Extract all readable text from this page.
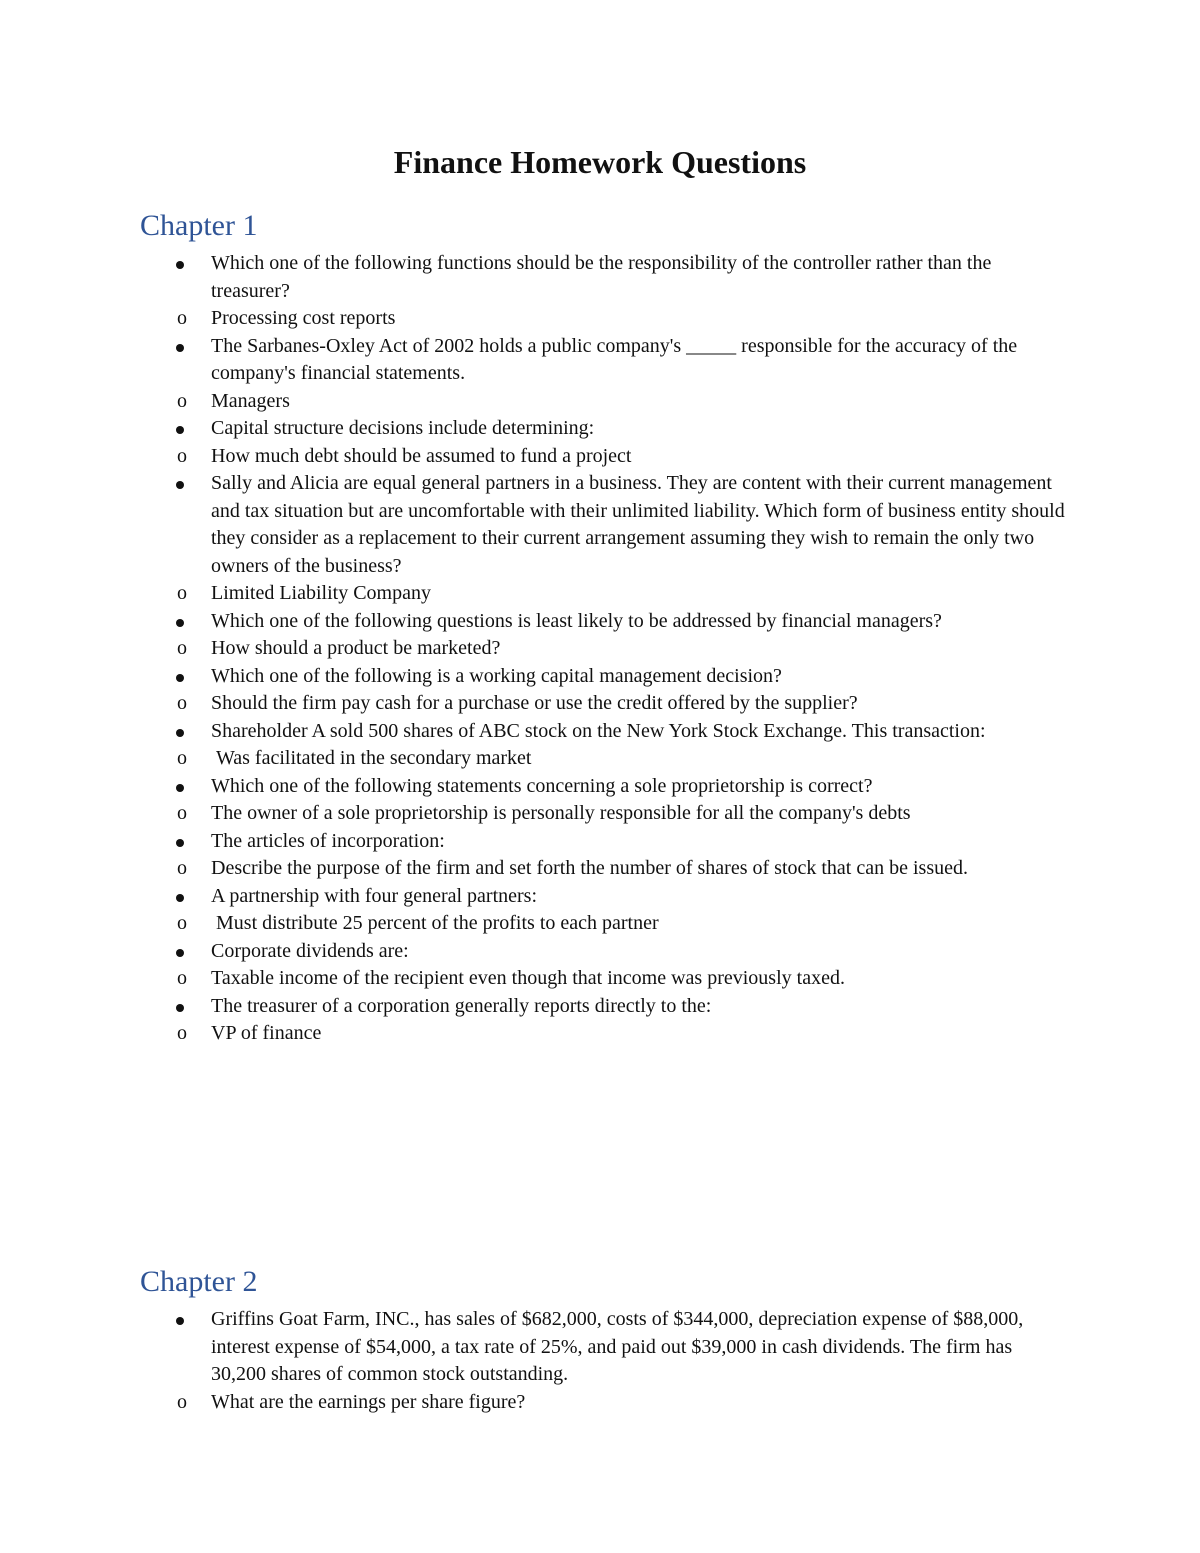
Finance Homework Questions
Chapter 1
Which one of the following functions should be the responsibility of the controller rather than the treasurer?
o Processing cost reports
The Sarbanes-Oxley Act of 2002 holds a public company's _____ responsible for the accuracy of the company's financial statements.
o Managers
Capital structure decisions include determining:
o How much debt should be assumed to fund a project
Sally and Alicia are equal general partners in a business. They are content with their current management and tax situation but are uncomfortable with their unlimited liability. Which form of business entity should they consider as a replacement to their current arrangement assuming they wish to remain the only two owners of the business?
o Limited Liability Company
Which one of the following questions is least likely to be addressed by financial managers?
o How should a product be marketed?
Which one of the following is a working capital management decision?
o Should the firm pay cash for a purchase or use the credit offered by the supplier?
Shareholder A sold 500 shares of ABC stock on the New York Stock Exchange. This transaction:
o Was facilitated in the secondary market
Which one of the following statements concerning a sole proprietorship is correct?
o The owner of a sole proprietorship is personally responsible for all the company's debts
The articles of incorporation:
o Describe the purpose of the firm and set forth the number of shares of stock that can be issued.
A partnership with four general partners:
o Must distribute 25 percent of the profits to each partner
Corporate dividends are:
o Taxable income of the recipient even though that income was previously taxed.
The treasurer of a corporation generally reports directly to the:
o VP of finance
Chapter 2
Griffins Goat Farm, INC., has sales of $682,000, costs of $344,000, depreciation expense of $88,000, interest expense of $54,000, a tax rate of 25%, and paid out $39,000 in cash dividends. The firm has 30,200 shares of common stock outstanding.
o What are the earnings per share figure?
